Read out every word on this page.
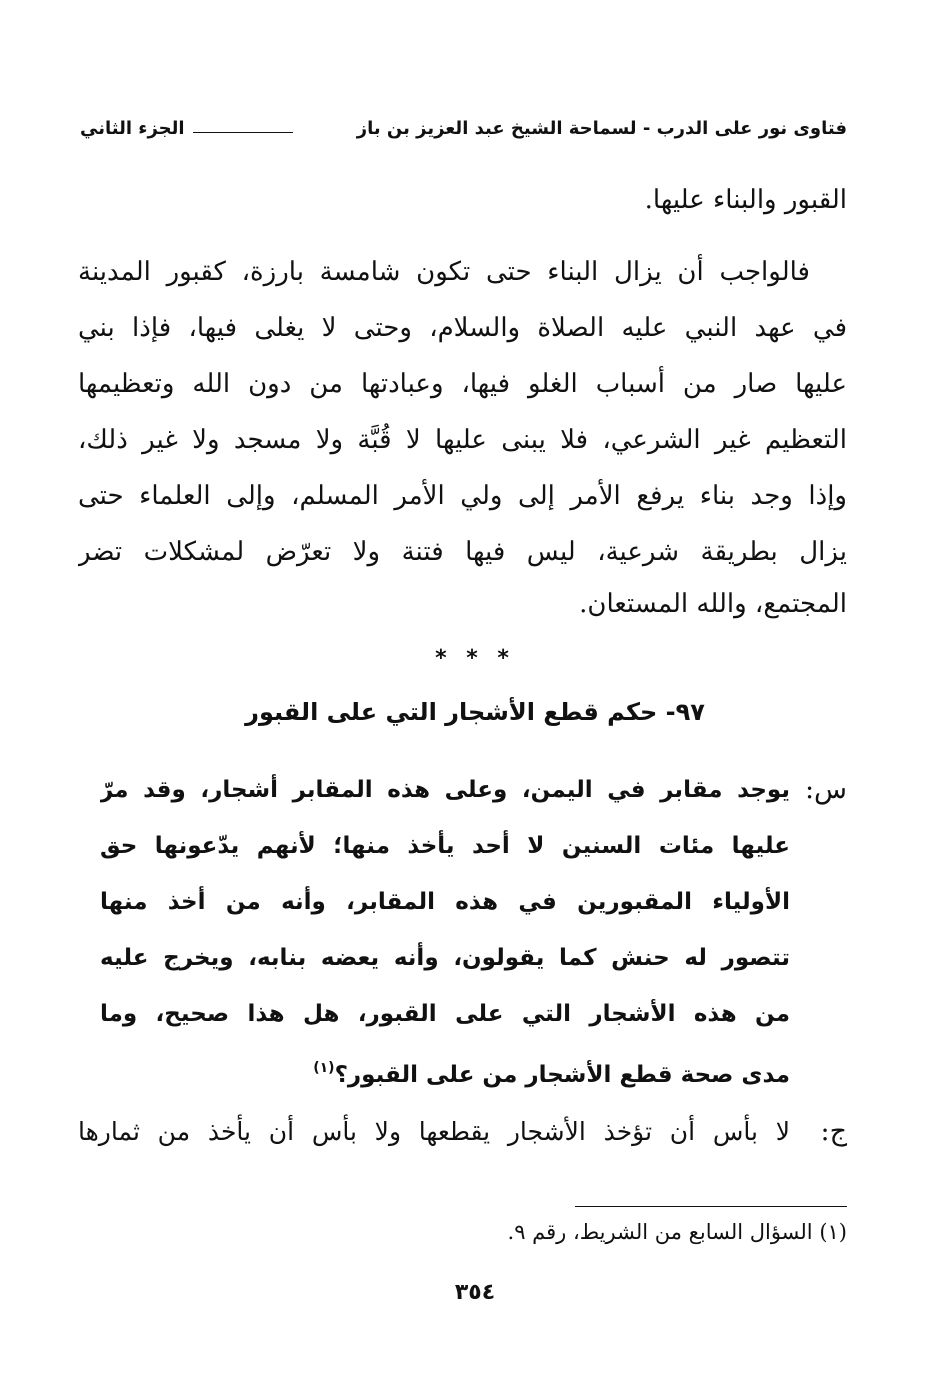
فتاوى نور على الدرب - لسماحة الشيخ عبد العزيز بن باز
الجزء الثاني
القبور والبناء عليها.
فالواجب أن يزال البناء حتى تكون شامسة بارزة، كقبور المدينة
في عهد النبي عليه الصلاة والسلام، وحتى لا يغلى فيها، فإذا بني
عليها صار من أسباب الغلو فيها، وعبادتها من دون الله وتعظيمها
التعظيم غير الشرعي، فلا يبنى عليها لا قُبَّة ولا مسجد ولا غير ذلك،
وإذا وجد بناء يرفع الأمر إلى ولي الأمر المسلم، وإلى العلماء حتى
يزال بطريقة شرعية، ليس فيها فتنة ولا تعرّض لمشكلات تضر
المجتمع، والله المستعان.
* * *
٩٧- حكم قطع الأشجار التي على القبور
س:
يوجد مقابر في اليمن، وعلى هذه المقابر أشجار، وقد مرّ
عليها مئات السنين لا أحد يأخذ منها؛ لأنهم يدّعونها حق
الأولياء المقبورين في هذه المقابر، وأنه من أخذ منها
تتصور له حنش كما يقولون، وأنه يعضه بنابه، ويخرج عليه
من هذه الأشجار التي على القبور، هل هذا صحيح، وما
مدى صحة قطع الأشجار من على القبور؟$^{(١)}$
ج:
لا بأس أن تؤخذ الأشجار يقطعها ولا بأس أن يأخذ من ثمارها
(١) السؤال السابع من الشريط، رقم ٩.
٣٥٤
